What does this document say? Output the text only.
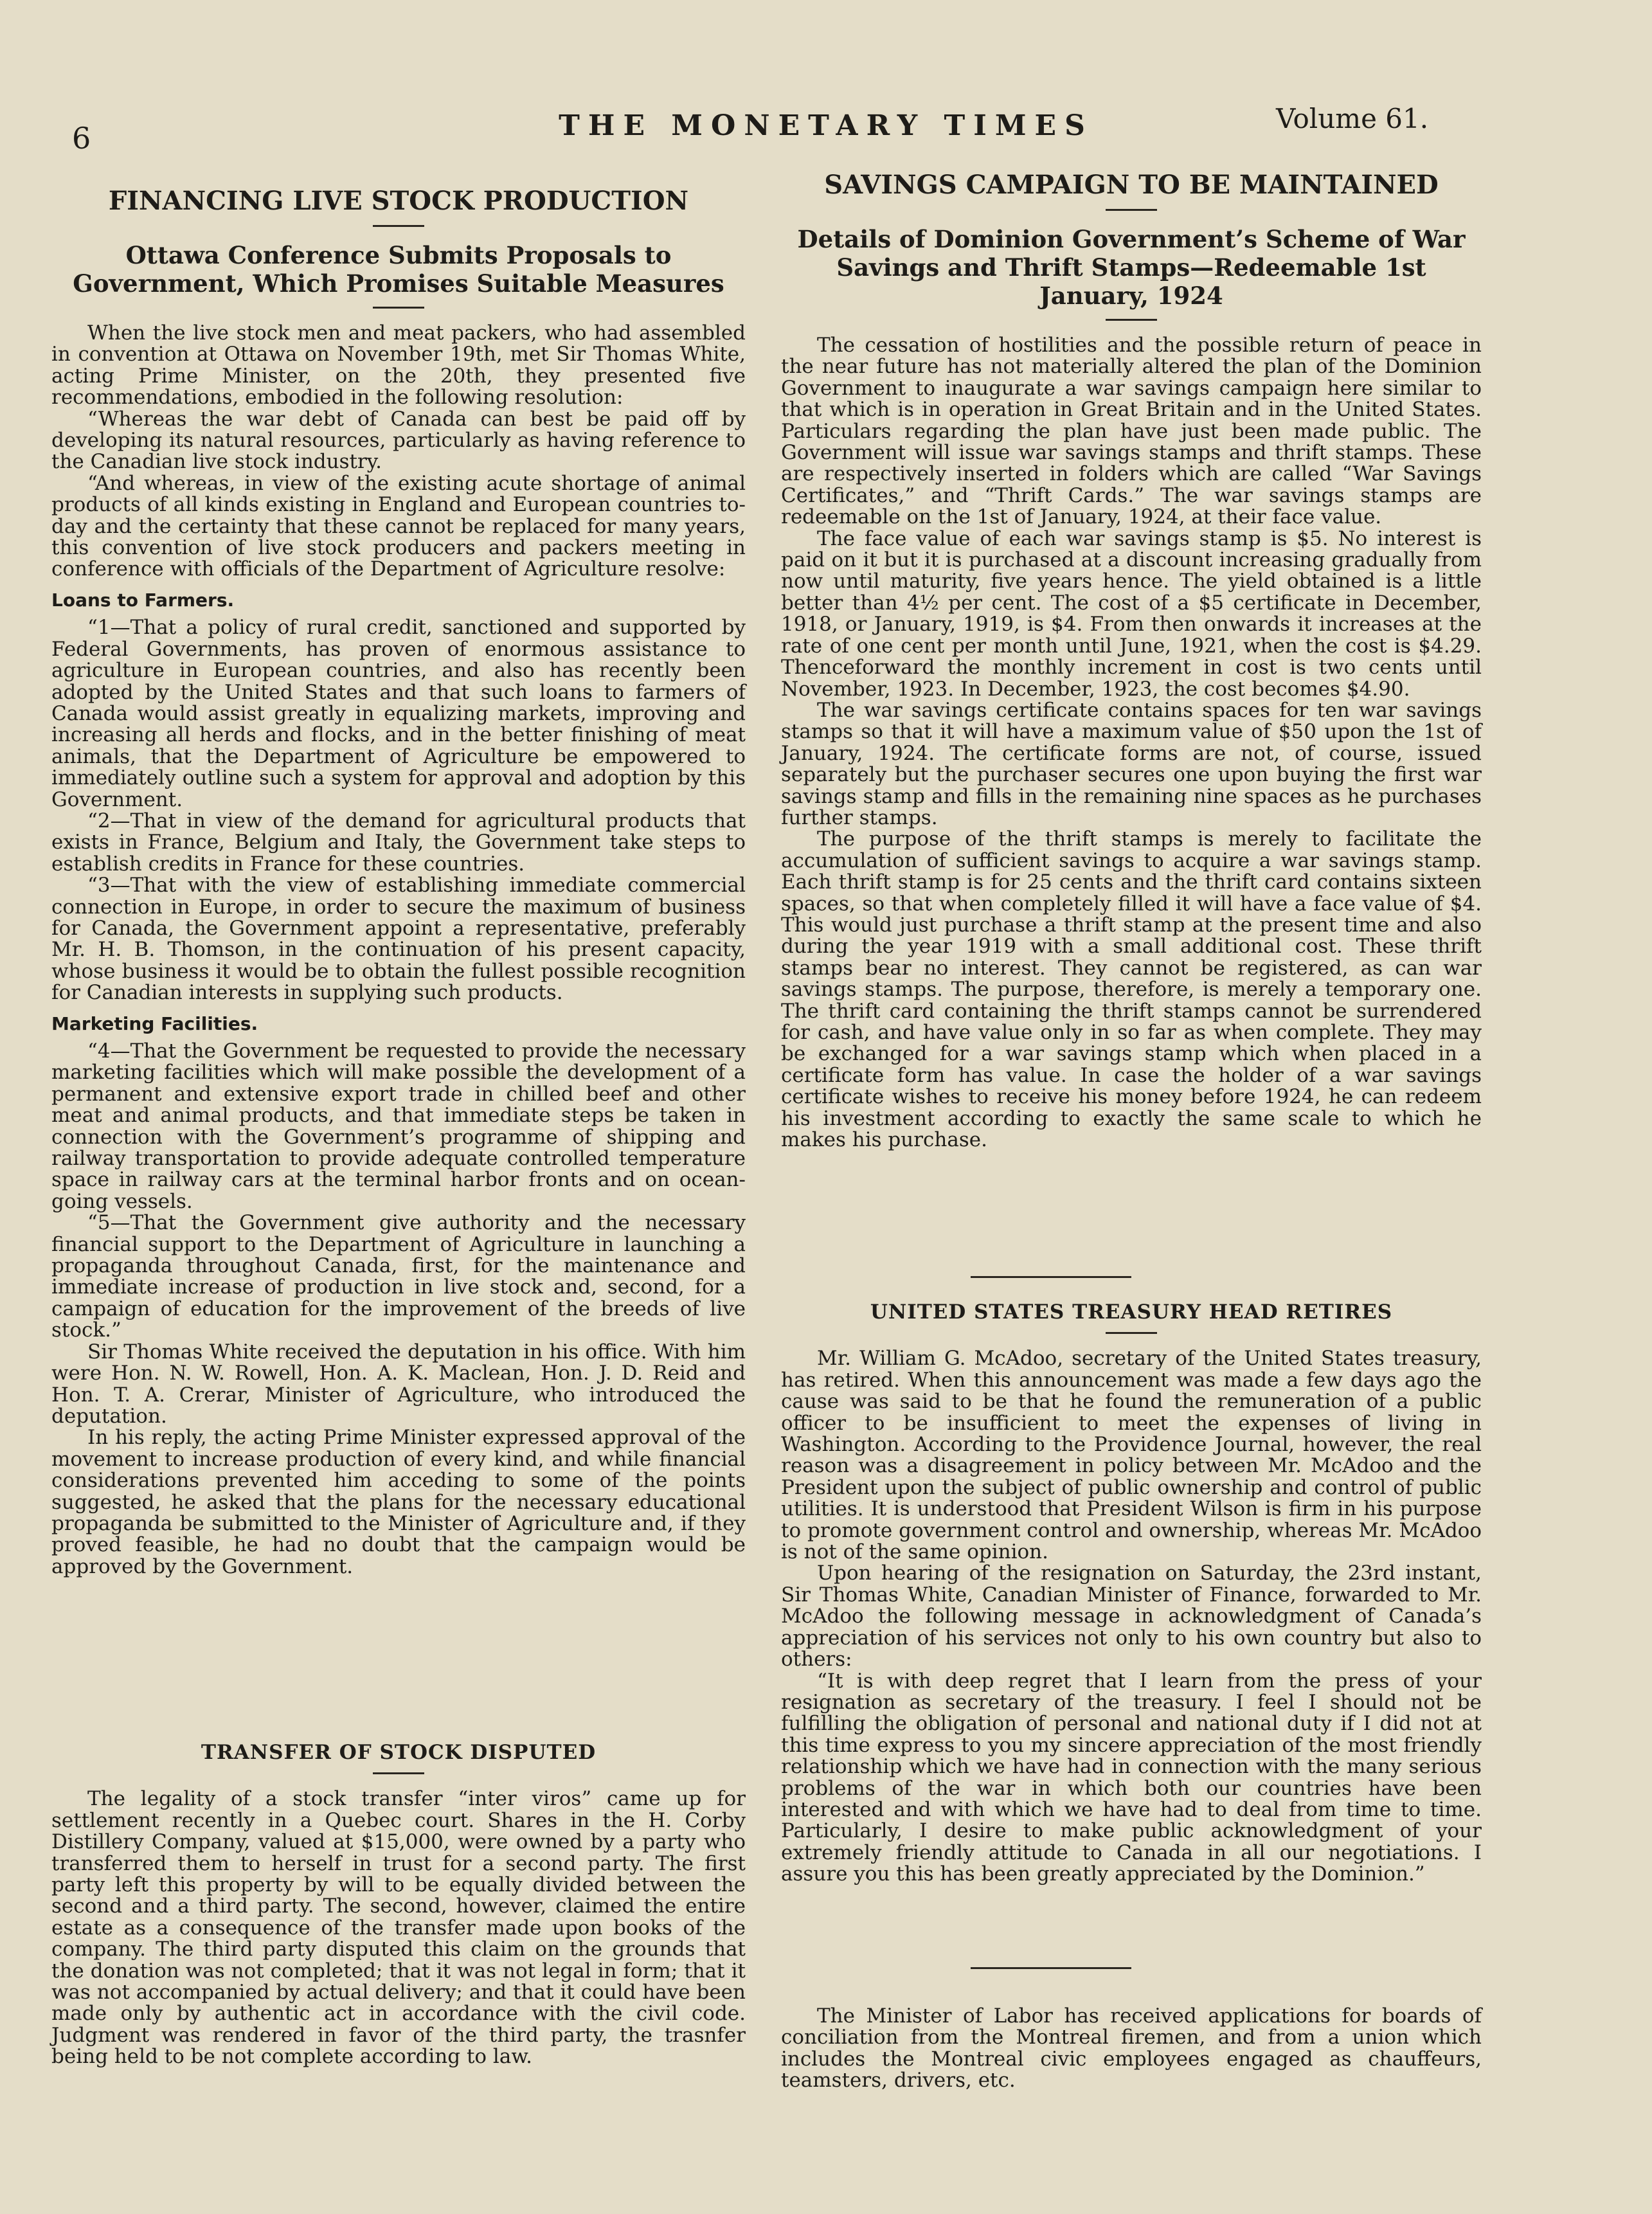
6	THE MONETARY TIMES	Volume 61.
FINANCING LIVE STOCK PRODUCTION
Ottawa Conference Submits Proposals to Government, Which Promises Suitable Measures

When the live stock men and meat packers, who had assembled in convention at Ottawa on November 19th, met Sir Thomas White, acting Prime Minister, on the 20th, they presented five recommendations, embodied in the following resolution:

“Whereas the war debt of Canada can best be paid off by developing its natural resources, particularly as having reference to the Canadian live stock industry.

“And whereas, in view of the existing acute shortage of animal products of all kinds existing in England and European countries to-day and the certainty that these cannot be replaced for many years, this convention of live stock producers and packers meeting in conference with officials of the Department of Agriculture resolve:

Loans to Farmers.

“1—That a policy of rural credit, sanctioned and supported by Federal Governments, has proven of enormous assistance to agriculture in European countries, and also has recently been adopted by the United States and that such loans to farmers of Canada would assist greatly in equalizing markets, improving and increasing all herds and flocks, and in the better finishing of meat animals, that the Department of Agriculture be empowered to immediately outline such a system for approval and adoption by this Government.

“2—That in view of the demand for agricultural products that exists in France, Belgium and Italy, the Government take steps to establish credits in France for these countries.

“3—That with the view of establishing immediate commercial connection in Europe, in order to secure the maximum of business for Canada, the Government appoint a representative, preferably Mr. H. B. Thomson, in the continuation of his present capacity, whose business it would be to obtain the fullest possible recognition for Canadian interests in supplying such products.

Marketing Facilities.

“4—That the Government be requested to provide the necessary marketing facilities which will make possible the development of a permanent and extensive export trade in chilled beef and other meat and animal products, and that immediate steps be taken in connection with the Government’s programme of shipping and railway transportation to provide adequate controlled temperature space in railway cars at the terminal harbor fronts and on ocean-going vessels.

“5—That the Government give authority and the necessary financial support to the Department of Agriculture in launching a propaganda throughout Canada, first, for the maintenance and immediate increase of production in live stock and, second, for a campaign of education for the improvement of the breeds of live stock.”

Sir Thomas White received the deputation in his office. With him were Hon. N. W. Rowell, Hon. A. K. Maclean, Hon. J. D. Reid and Hon. T. A. Crerar, Minister of Agriculture, who introduced the deputation.

In his reply, the acting Prime Minister expressed approval of the movement to increase production of every kind, and while financial considerations prevented him acceding to some of the points suggested, he asked that the plans for the necessary educational propaganda be submitted to the Minister of Agriculture and, if they proved feasible, he had no doubt that the campaign would be approved by the Government.

TRANSFER OF STOCK DISPUTED

The legality of a stock transfer “inter viros” came up for settlement recently in a Quebec court. Shares in the H. Corby Distillery Company, valued at $15,000, were owned by a party who transferred them to herself in trust for a second party. The first party left this property by will to be equally divided between the second and a third party. The second, however, claimed the entire estate as a consequence of the transfer made upon books of the company. The third party disputed this claim on the grounds that the donation was not completed; that it was not legal in form; that it was not accompanied by actual delivery; and that it could have been made only by authentic act in accordance with the civil code. Judgment was rendered in favor of the third party, the trasnfer being held to be not complete according to law.

SAVINGS CAMPAIGN TO BE MAINTAINED
Details of Dominion Government’s Scheme of War Savings and Thrift Stamps—Redeemable 1st January, 1924

The cessation of hostilities and the possible return of peace in the near future has not materially altered the plan of the Dominion Government to inaugurate a war savings campaign here similar to that which is in operation in Great Britain and in the United States. Particulars regarding the plan have just been made public. The Government will issue war savings stamps and thrift stamps. These are respectively inserted in folders which are called “War Savings Certificates,” and “Thrift Cards.” The war savings stamps are redeemable on the 1st of January, 1924, at their face value.

The face value of each war savings stamp is $5. No interest is paid on it but it is purchased at a discount increasing gradually from now until maturity, five years hence. The yield obtained is a little better than 4½ per cent. The cost of a $5 certificate in December, 1918, or January, 1919, is $4. From then onwards it increases at the rate of one cent per month until June, 1921, when the cost is $4.29. Thenceforward the monthly increment in cost is two cents until November, 1923. In December, 1923, the cost becomes $4.90.

The war savings certificate contains spaces for ten war savings stamps so that it will have a maximum value of $50 upon the 1st of January, 1924. The certificate forms are not, of course, issued separately but the purchaser secures one upon buying the first war savings stamp and fills in the remaining nine spaces as he purchases further stamps.

The purpose of the thrift stamps is merely to facilitate the accumulation of sufficient savings to acquire a war savings stamp. Each thrift stamp is for 25 cents and the thrift card contains sixteen spaces, so that when completely filled it will have a face value of $4. This would just purchase a thrift stamp at the present time and also during the year 1919 with a small additional cost. These thrift stamps bear no interest. They cannot be registered, as can war savings stamps. The purpose, therefore, is merely a temporary one. The thrift card containing the thrift stamps cannot be surrendered for cash, and have value only in so far as when complete. They may be exchanged for a war savings stamp which when placed in a certificate form has value. In case the holder of a war savings certificate wishes to receive his money before 1924, he can redeem his investment according to exactly the same scale to which he makes his purchase.

UNITED STATES TREASURY HEAD RETIRES

Mr. William G. McAdoo, secretary of the United States treasury, has retired. When this announcement was made a few days ago the cause was said to be that he found the remuneration of a public officer to be insufficient to meet the expenses of living in Washington. According to the Providence Journal, however, the real reason was a disagreement in policy between Mr. McAdoo and the President upon the subject of public ownership and control of public utilities. It is understood that President Wilson is firm in his purpose to promote government control and ownership, whereas Mr. McAdoo is not of the same opinion.

Upon hearing of the resignation on Saturday, the 23rd instant, Sir Thomas White, Canadian Minister of Finance, forwarded to Mr. McAdoo the following message in acknowledgment of Canada’s appreciation of his services not only to his own country but also to others:

“It is with deep regret that I learn from the press of your resignation as secretary of the treasury. I feel I should not be fulfilling the obligation of personal and national duty if I did not at this time express to you my sincere appreciation of the most friendly relationship which we have had in connection with the many serious problems of the war in which both our countries have been interested and with which we have had to deal from time to time. Particularly, I desire to make public acknowledgment of your extremely friendly attitude to Canada in all our negotiations. I assure you this has been greatly appreciated by the Dominion.”

The Minister of Labor has received applications for boards of conciliation from the Montreal firemen, and from a union which includes the Montreal civic employees engaged as chauffeurs, teamsters, drivers, etc.
